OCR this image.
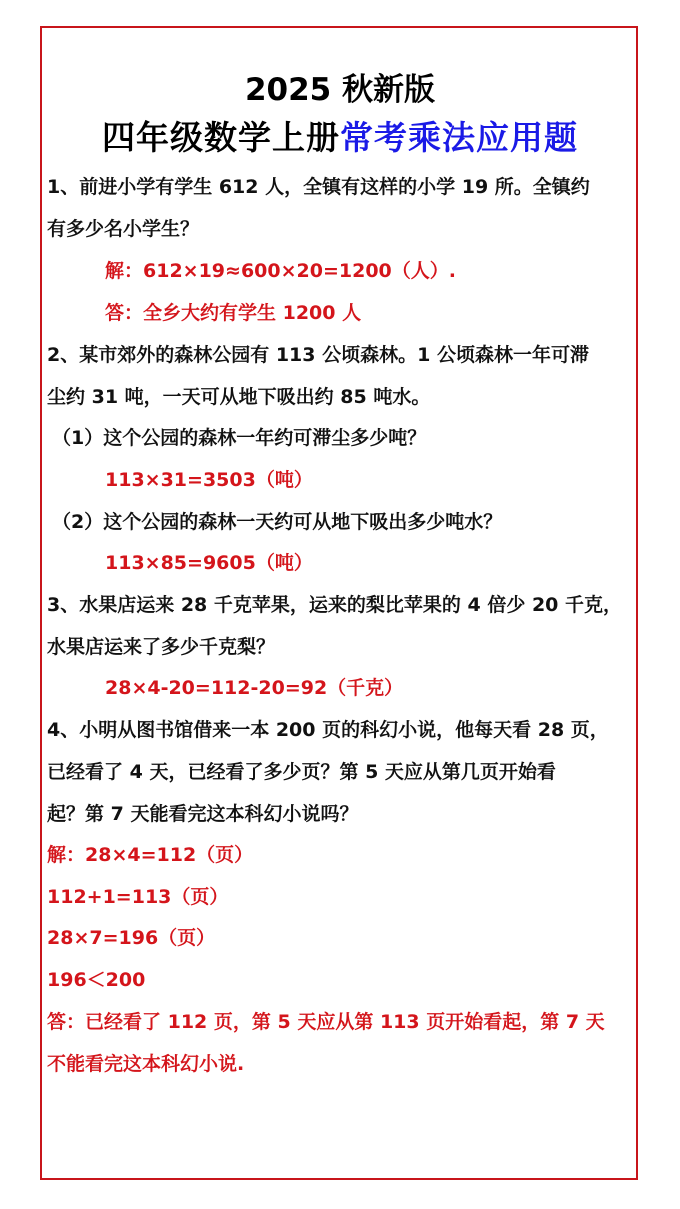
2025 秋新版
四年级数学上册常考乘法应用题
1、前进小学有学生 612 人，全镇有这样的小学 19 所。全镇约
有多少名小学生？
解：612×19≈600×20=1200（人）.
答：全乡大约有学生 1200 人
2、某市郊外的森林公园有 113 公顷森林。1 公顷森林一年可滞
尘约 31 吨，一天可从地下吸出约 85 吨水。
（1）这个公园的森林一年约可滞尘多少吨？
113×31=3503（吨）
（2）这个公园的森林一天约可从地下吸出多少吨水？
113×85=9605（吨）
3、水果店运来 28 千克苹果，运来的梨比苹果的 4 倍少 20 千克，
水果店运来了多少千克梨？
28×4-20=112-20=92（千克）
4、小明从图书馆借来一本 200 页的科幻小说，他每天看 28 页，
已经看了 4 天，已经看了多少页？第 5 天应从第几页开始看
起？第 7 天能看完这本科幻小说吗？
解：28×4=112（页）
112+1=113（页）
28×7=196（页）
196＜200
答：已经看了 112 页，第 5 天应从第 113 页开始看起，第 7 天
不能看完这本科幻小说.
